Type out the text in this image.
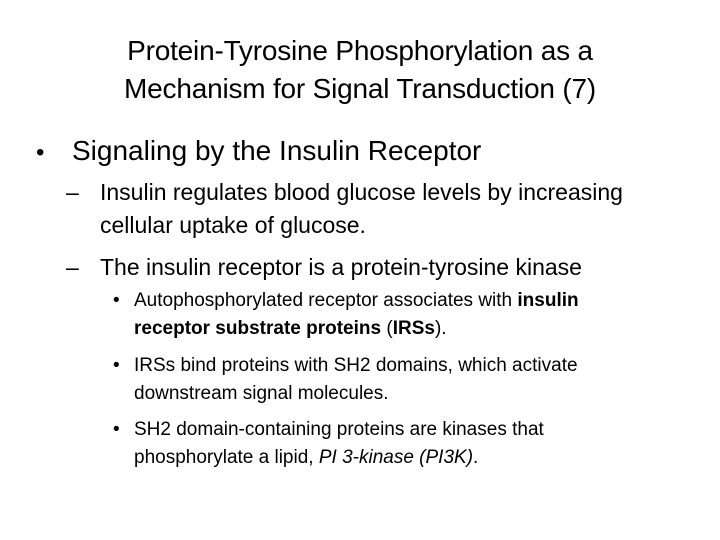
Protein-Tyrosine Phosphorylation as a
Mechanism for Signal Transduction (7)
• Signaling by the Insulin Receptor
– Insulin regulates blood glucose levels by increasing
cellular uptake of glucose.
– The insulin receptor is a protein-tyrosine kinase
• Autophosphorylated receptor associates with insulin
receptor substrate proteins (IRSs).
• IRSs bind proteins with SH2 domains, which activate
downstream signal molecules.
• SH2 domain-containing proteins are kinases that
phosphorylate a lipid, PI 3-kinase (PI3K).
